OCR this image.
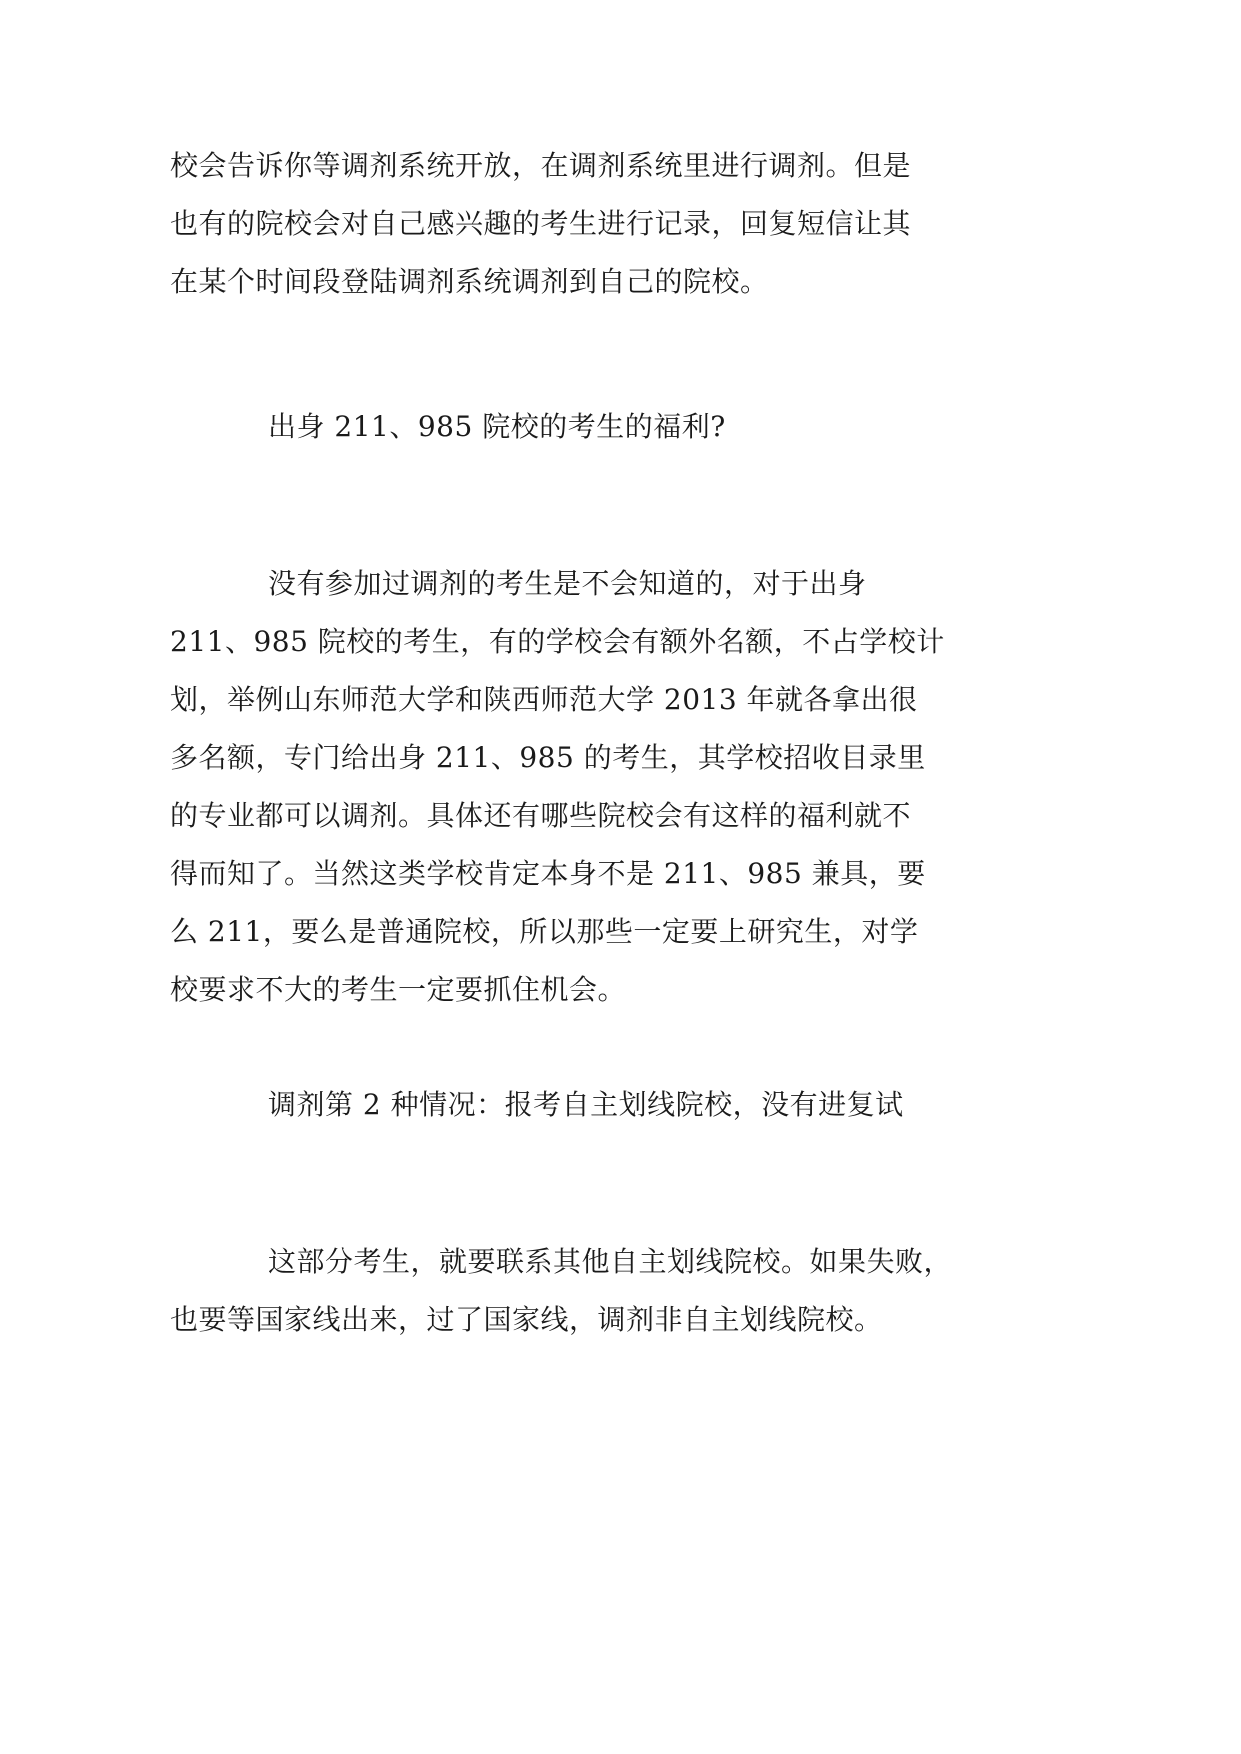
校会告诉你等调剂系统开放，在调剂系统里进行调剂。但是
也有的院校会对自己感兴趣的考生进行记录，回复短信让其
在某个时间段登陆调剂系统调剂到自己的院校。
出身 211、985 院校的考生的福利?
没有参加过调剂的考生是不会知道的，对于出身
211、985 院校的考生，有的学校会有额外名额，不占学校计
划，举例山东师范大学和陕西师范大学 2013 年就各拿出很
多名额，专门给出身 211、985 的考生，其学校招收目录里
的专业都可以调剂。具体还有哪些院校会有这样的福利就不
得而知了。当然这类学校肯定本身不是 211、985 兼具，要
么 211，要么是普通院校，所以那些一定要上研究生，对学
校要求不大的考生一定要抓住机会。
调剂第 2 种情况：报考自主划线院校，没有进复试
这部分考生，就要联系其他自主划线院校。如果失败，
也要等国家线出来，过了国家线，调剂非自主划线院校。
